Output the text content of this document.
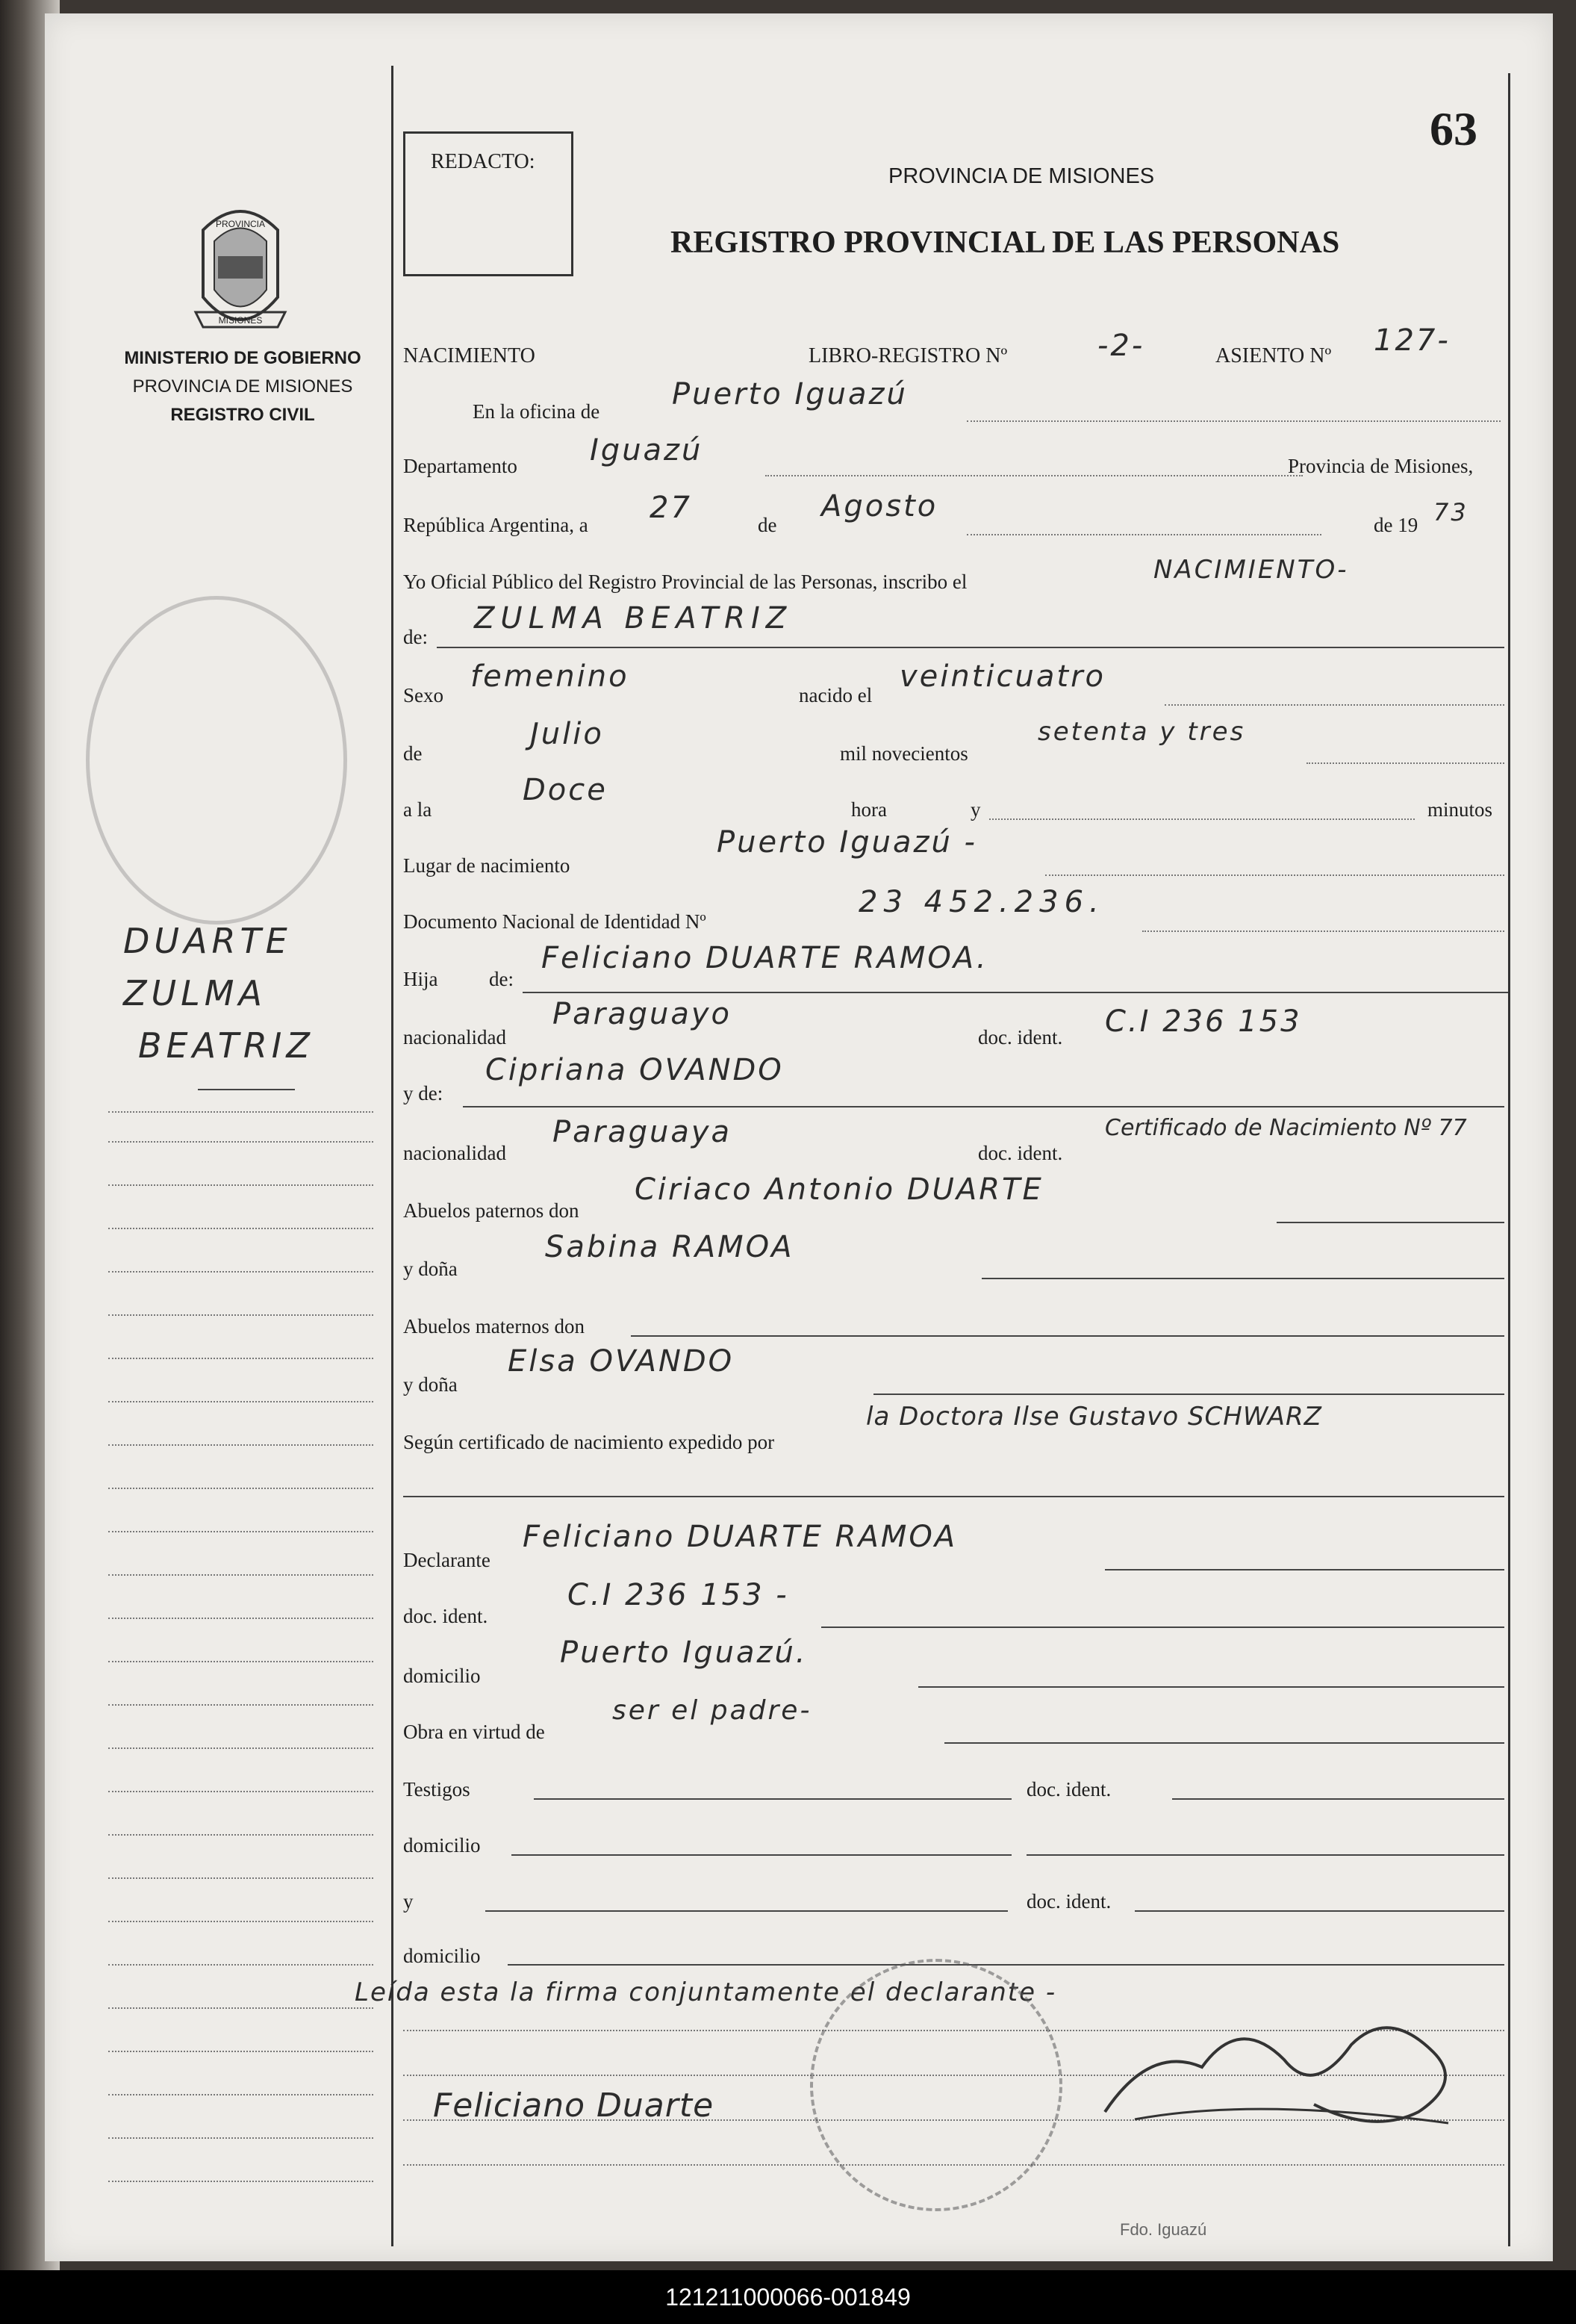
63
REDACTO:
PROVINCIA DE MISIONES
REGISTRO PROVINCIAL DE LAS PERSONAS
PROVINCIA
MISIONES
MINISTERIO DE GOBIERNO
PROVINCIA DE MISIONES
REGISTRO CIVIL
DUARTE
ZULMA
BEATRIZ
NACIMIENTO	LIBRO-REGISTRO Nº	-2-	ASIENTO Nº 127-
En la oficina de Puerto Iguazú
Departamento Iguazú	Provincia de Misiones,
República Argentina, a 27	de
Agosto
de 19 73
Yo Oficial Público del Registro Provincial de las Personas, inscribo el	NACIMIENTO-
de:
ZULMA BEATRIZ
Sexo
femenino
nacido el
veinticuatro
de
Julio
mil novecientos
setenta y tres
a la
Doce
hora	y	minutos
Lugar de nacimiento
Puerto Iguazú -
Documento Nacional de Identidad Nº
23 452.236.
Hija	de:
Feliciano DUARTE RAMOA.
nacionalidad
Paraguayo
doc. ident. C.I 236 153
y de:
Cipriana OVANDO
nacionalidad
Paraguaya
doc. ident.
Certificado de Nacimiento Nº 77
Abuelos paternos don
Ciriaco Antonio DUARTE
y doña
Sabina RAMOA
Abuelos maternos don
y doña
Elsa OVANDO
Según certificado de nacimiento expedido por
la Doctora Ilse Gustavo SCHWARZ
Declarante
Feliciano DUARTE RAMOA
doc. ident.
C.I 236 153 -
domicilio
Puerto Iguazú.
Obra en virtud de
ser el padre-
Testigos	doc. ident.
domicilio
y	doc. ident.
domicilio
Leída esta la firma conjuntamente el declarante -
Feliciano Duarte
Fdo. Iguazú
121211000066-001849
